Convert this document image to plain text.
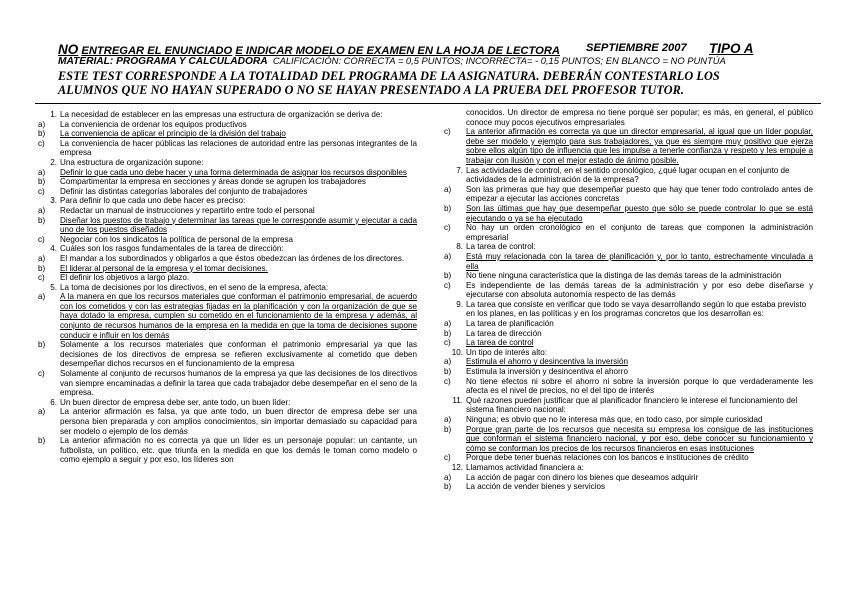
NO ENTREGAR EL ENUNCIADO E INDICAR MODELO DE EXAMEN EN LA HOJA DE LECTORA SEPTIEMBRE 2007 TIPO A
MATERIAL: PROGRAMA Y CALCULADORA CALIFICACIÓN: CORRECTA = 0,5 PUNTOS; INCORRECTA= - 0,15 PUNTOS; EN BLANCO = NO PUNTÚA
ESTE TEST CORRESPONDE A LA TOTALIDAD DEL PROGRAMA DE LA ASIGNATURA. DEBERÁN CONTESTARLO LOS ALUMNOS QUE NO HAYAN SUPERADO O NO SE HAYAN PRESENTADO A LA PRUEBA DEL PROFESOR TUTOR.
1. La necesidad de establecer en las empresas una estructura de organización se deriva de:
a) La conveniencia de ordenar los equipos productivos
b) La conveniencia de aplicar el principio de la división del trabajo
c) La conveniencia de hacer públicas las relaciones de autoridad entre las personas integrantes de la empresa
2. Una estructura de organización supone:
a) Definir lo que cada uno debe hacer y una forma determinada de asignar los recursos disponibles
b) Compartimentar la empresa en secciones y áreas donde se agrupen los trabajadores
c) Definir las distintas categorías laborales del conjunto de trabajadores
3. Para definir lo que cada uno debe hacer es preciso:
a) Redactar un manual de instrucciones y repartirlo entre todo el personal
b) Diseñar los puestos de trabajo y determinar las tareas que le corresponde asumir y ejecutar a cada uno de los puestos diseñados
c) Negociar con los sindicatos la política de personal de la empresa
4. Cuáles son los rasgos fundamentales de la tarea de dirección:
a) El mandar a los subordinados y obligarlos a que éstos obedezcan las órdenes de los directores.
b) El liderar al personal de la empresa y el tomar decisiones.
c) El definir los objetivos a largo plazo.
5. La toma de decisiones por los directivos, en el seno de la empresa, afecta:
a) A la manera en que los recursos materiales que conforman el patrimonio empresarial, de acuerdo con los cometidos y con las estrategias fijadas en la planificación y con la organización de que se haya dotado la empresa, cumplen su cometido en el funcionamiento de la empresa y además, al conjunto de recursos humanos de la empresa en la medida en que la toma de decisiones supone conducir e influir en los demás
b) Solamente a los recursos materiales que conforman el patrimonio empresarial ya que las decisiones de los directivos de empresa se refieren exclusivamente al cometido que deben desempeñar dichos recursos en el funcionamiento de la empresa
c) Solamente al conjunto de recursos humanos de la empresa ya que las decisiones de los directivos van siempre encaminadas a definir la tarea que cada trabajador debe desempeñar en el seno de la empresa.
6. Un buen director de empresa debe ser, ante todo, un buen líder:
a) La anterior afirmación es falsa, ya que ante todo, un buen director de empresa debe ser una persona bien preparada y con amplios conocimientos, sin importar demasiado su capacidad para ser modelo o ejemplo de los demás
b) La anterior afirmación no es correcta ya que un líder es un personaje popular: un cantante, un futbolista, un político, etc. que triunfa en la medida en que los demás le toman como modelo o como ejemplo a seguir y por eso, los líderes son
conocidos. Un director de empresa no tiene porqué ser popular; es más, en general, el público conoce muy pocos ejecutivos empresariales
c) La anterior afirmación es correcta ya que un director empresarial, al igual que un líder popular, debe ser modelo y ejemplo para sus trabajadores, ya que es siempre muy positivo que ejerza sobre ellos algún tipo de influencia que les impulse a tenerle confianza y respeto y les empuje a trabajar con ilusión y con el mejor estado de ánimo posible.
7. Las actividades de control, en el sentido cronológico, ¿qué lugar ocupan en el conjunto de actividades de la administración de la empresa?
a) Son las primeras que hay que desempeñar puesto que hay que tener todo controlado antes de empezar a ejecutar las acciones concretas
b) Son las últimas que hay que desempeñar puesto que sólo se puede controlar lo que se está ejecutando o ya se ha ejecutado
c) No hay un orden cronológico en el conjunto de tareas que componen la administración empresarial
8. La tarea de control:
a) Está muy relacionada con la tarea de planificación y, por lo tanto, estrechamente vinculada a ella
b) No tiene ninguna característica que la distinga de las demás tareas de la administración
c) Es independiente de las demás tareas de la administración y por eso debe diseñarse y ejecutarse con absoluta autonomía respecto de las demás
9. La tarea que consiste en verificar que todo se vaya desarrollando según lo que estaba previsto en los planes, en las políticas y en los programas concretos que los desarrollan es:
a) La tarea de planificación
b) La tarea de dirección
c) La tarea de control
10. Un tipo de interés alto:
a) Estimula el ahorro y desincentiva la inversión
b) Estimula la inversión y desincentiva el ahorro
c) No tiene efectos ni sobre el ahorro ni sobre la inversión porque lo que verdaderamente les afecta es el nivel de precios, no el del tipo de interés
11. Qué razones pueden justificar que al planificador financiero le interese el funcionamiento del sistema financiero nacional:
a) Ninguna; es obvio que no le interesa más que, en todo caso, por simple curiosidad
b) Porque gran parte de los recursos que necesita su empresa los consigue de las instituciones que conforman el sistema financiero nacional, y por eso, debe conocer su funcionamiento y cómo se conforman los precios de los recursos financieros en esas instituciones
c) Porque debe tener buenas relaciones con los bancos e instituciones de crédito
12. Llamamos actividad financiera a:
a) La acción de pagar con dinero los bienes que deseamos adquirir
b) La acción de vender bienes y servicios
